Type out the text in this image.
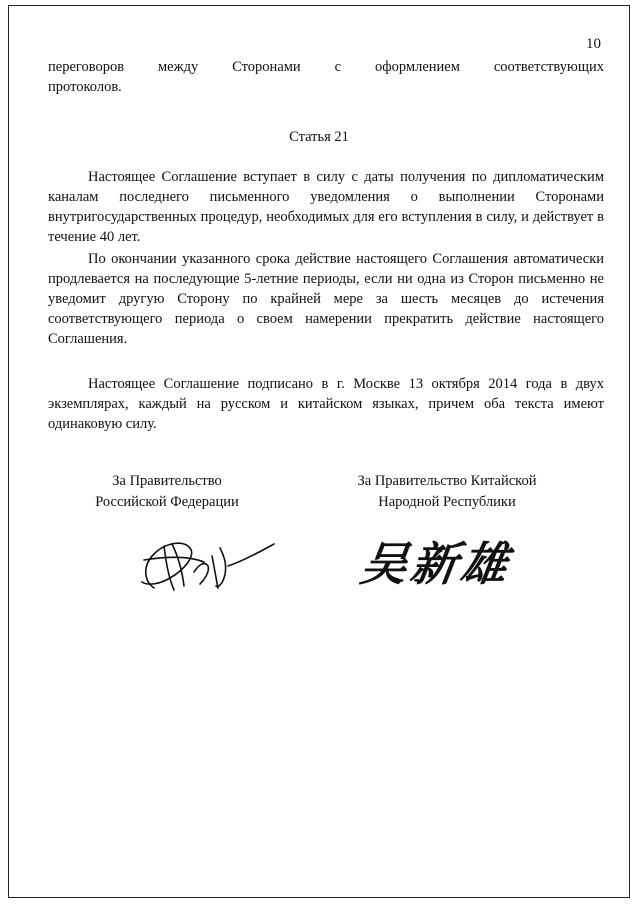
10
переговоров между Сторонами с оформлением соответствующих
протоколов.
Статья 21
Настоящее Соглашение вступает в силу с даты получения по дипломатическим каналам последнего письменного уведомления о выполнении Сторонами внутригосударственных процедур, необходимых для его вступления в силу, и действует в течение 40 лет.
По окончании указанного срока действие настоящего Соглашения автоматически продлевается на последующие 5-летние периоды, если ни одна из Сторон письменно не уведомит другую Сторону по крайней мере за шесть месяцев до истечения соответствующего периода о своем намерении прекратить действие настоящего Соглашения.
Настоящее Соглашение подписано в г. Москве 13 октября 2014 года в двух экземплярах, каждый на русском и китайском языках, причем оба текста имеют одинаковую силу.
За Правительство
Российской Федерации
За Правительство Китайской
Народной Республики
吴新雄
